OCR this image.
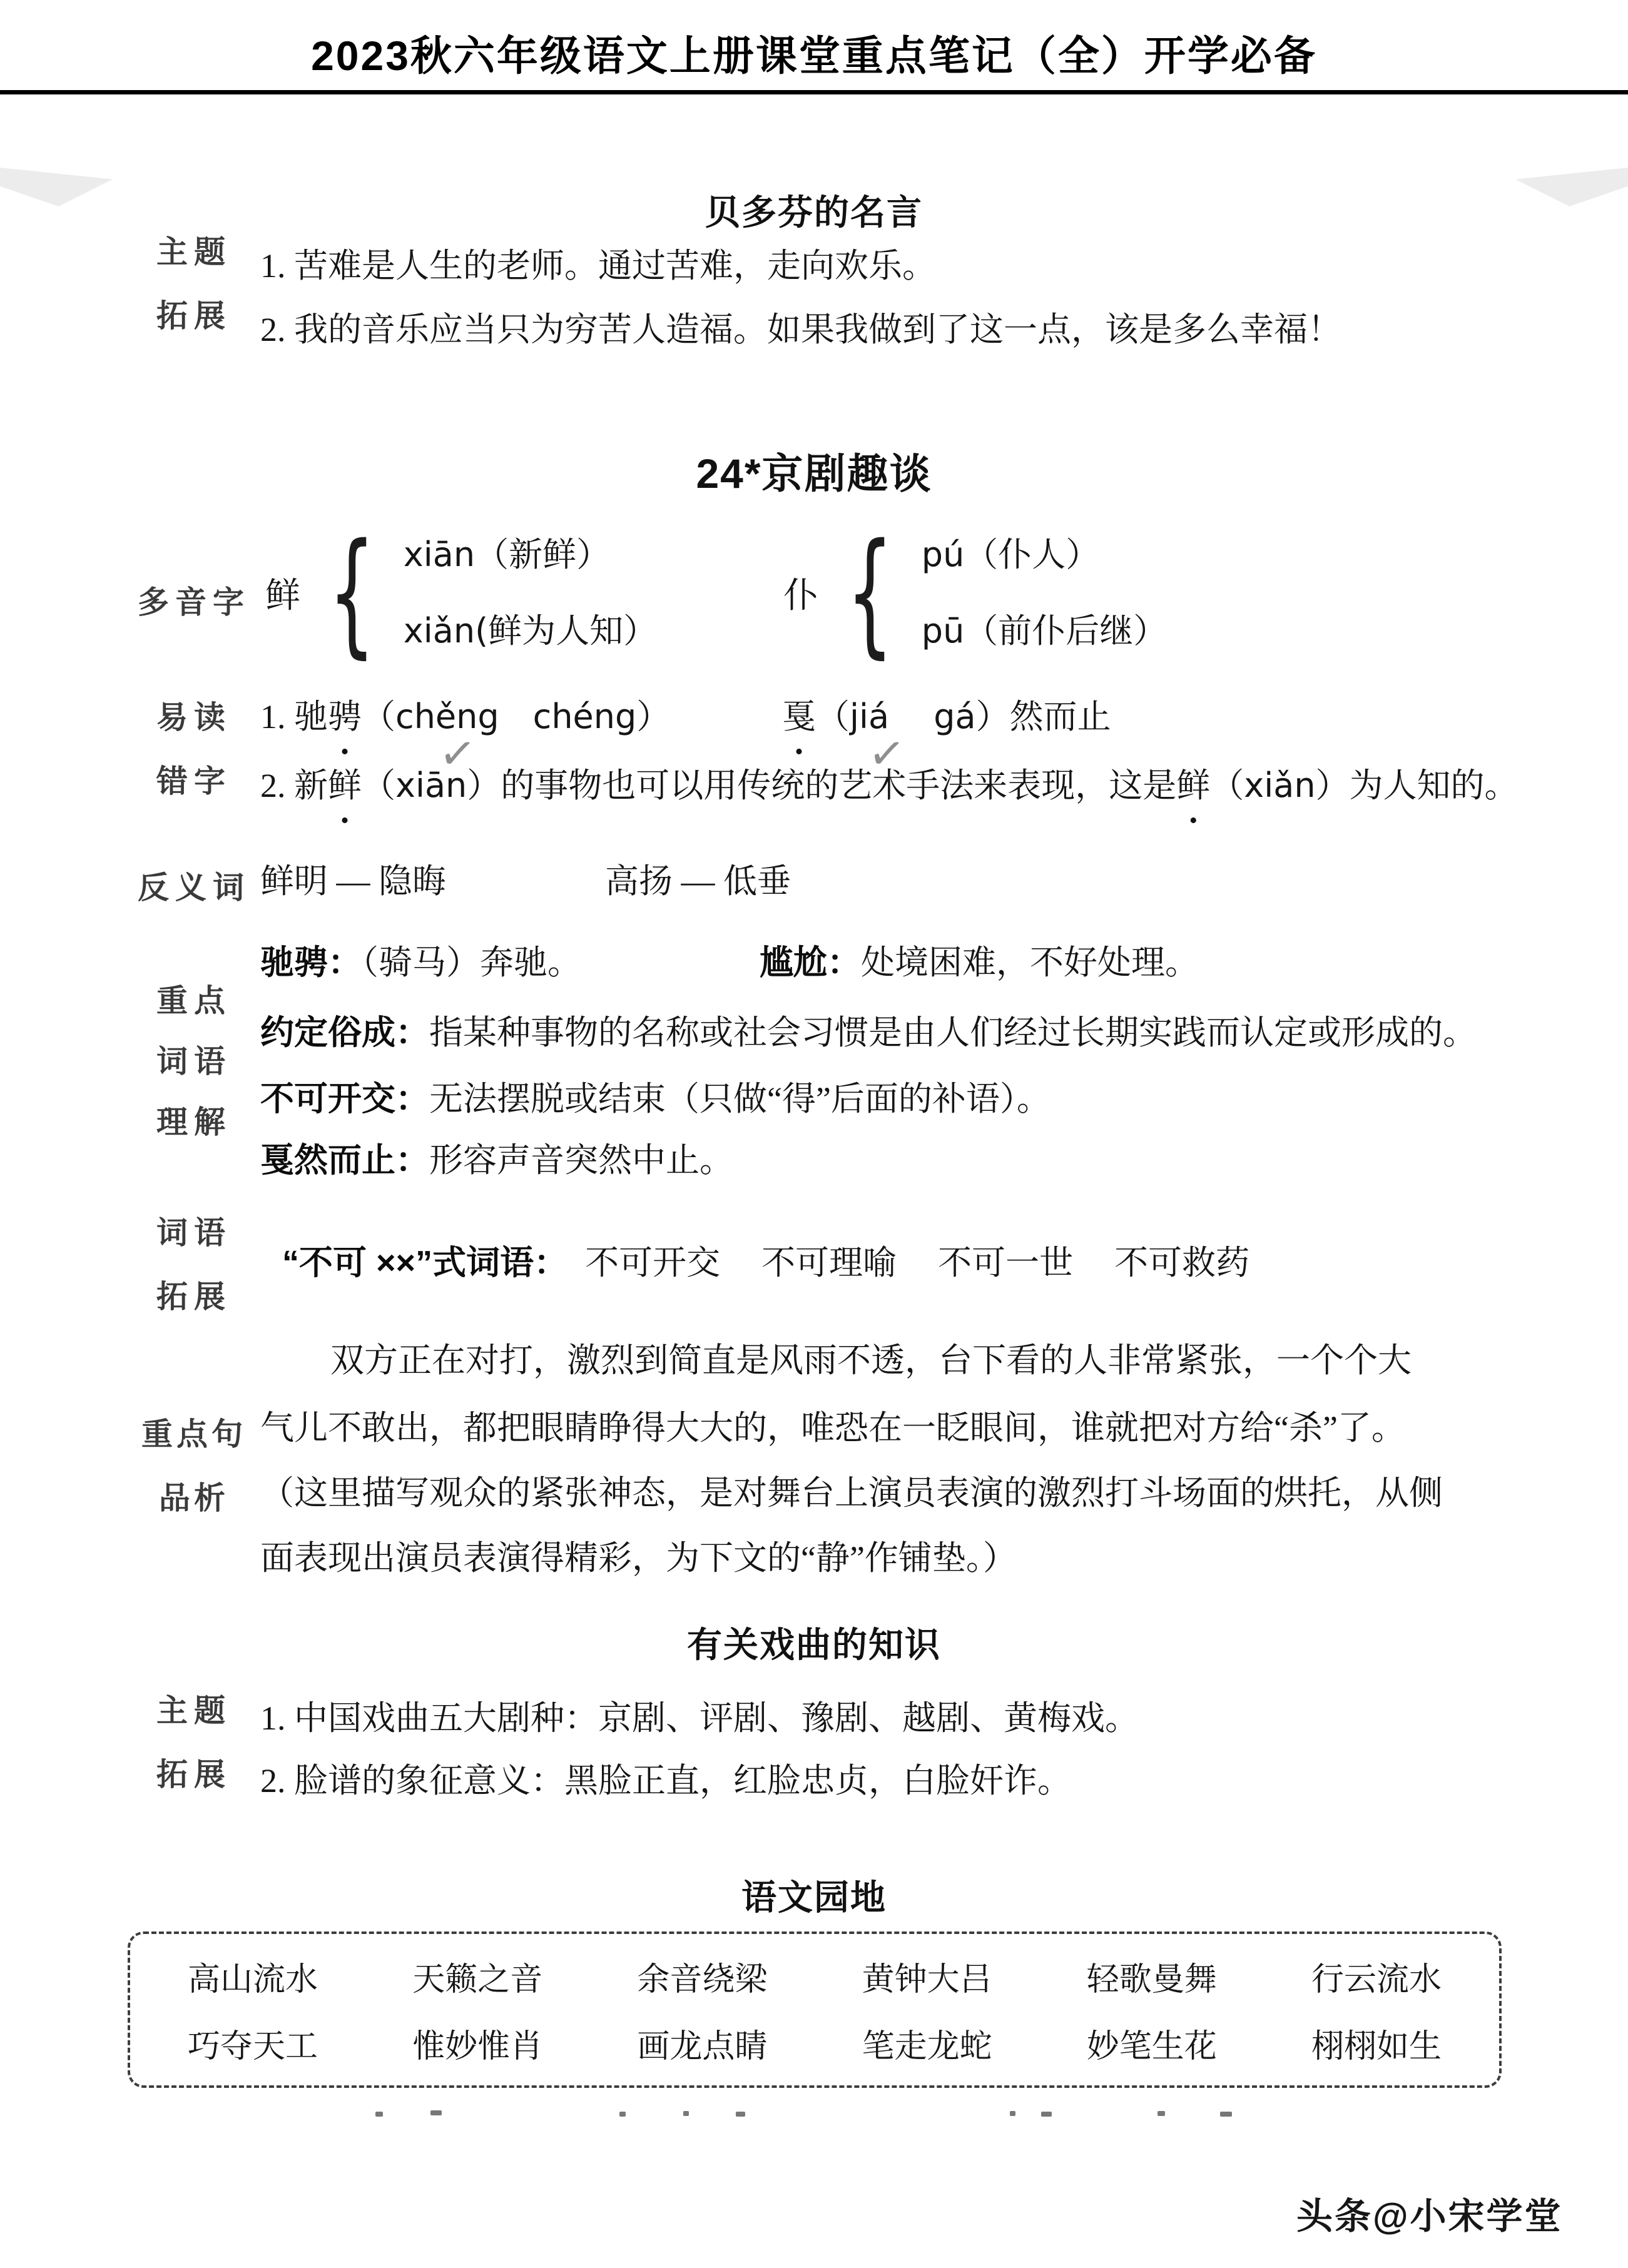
2023秋六年级语文上册课堂重点笔记（全）开学必备
贝多芬的名言
主题
拓展
1. 苦难是人生的老师。通过苦难，走向欢乐。
2. 我的音乐应当只为穷苦人造福。如果我做到了这一点，该是多么幸福！
24*京剧趣谈
多音字 鲜 { xiān（新鲜）
xiǎn(鲜为人知）
仆 { pú（仆人）
pū（前仆后继）
易读
错字
1. 驰骋（chěng　chéng）	戛（jiá　 gá）然而止
✓	✓
2. 新鲜（xiān）的事物也可以用传统的艺术手法来表现，这是鲜（xiǎn）为人知的。
反义词 鲜明 — 隐晦	高扬 — 低垂
重点
词语
理解
驰骋：（骑马）奔驰。	尴尬：处境困难，不好处理。
约定俗成：指某种事物的名称或社会习惯是由人们经过长期实践而认定或形成的。
不可开交：无法摆脱或结束（只做“得”后面的补语）。
戛然而止：形容声音突然中止。
词语
拓展
“不可 ××”式词语： 不可开交 不可理喻 不可一世 不可救药
重点句
品析
双方正在对打，激烈到简直是风雨不透，台下看的人非常紧张，一个个大
气儿不敢出，都把眼睛睁得大大的，唯恐在一眨眼间，谁就把对方给“杀”了。
（这里描写观众的紧张神态，是对舞台上演员表演的激烈打斗场面的烘托，从侧
面表现出演员表演得精彩，为下文的“静”作铺垫。）
有关戏曲的知识
主题
拓展
1. 中国戏曲五大剧种：京剧、评剧、豫剧、越剧、黄梅戏。
2. 脸谱的象征意义：黑脸正直，红脸忠贞，白脸奸诈。
语文园地
高山流水	天籁之音	余音绕梁	黄钟大吕	轻歌曼舞	行云流水
巧夺天工	惟妙惟肖	画龙点睛	笔走龙蛇	妙笔生花	栩栩如生
头条@小宋学堂
